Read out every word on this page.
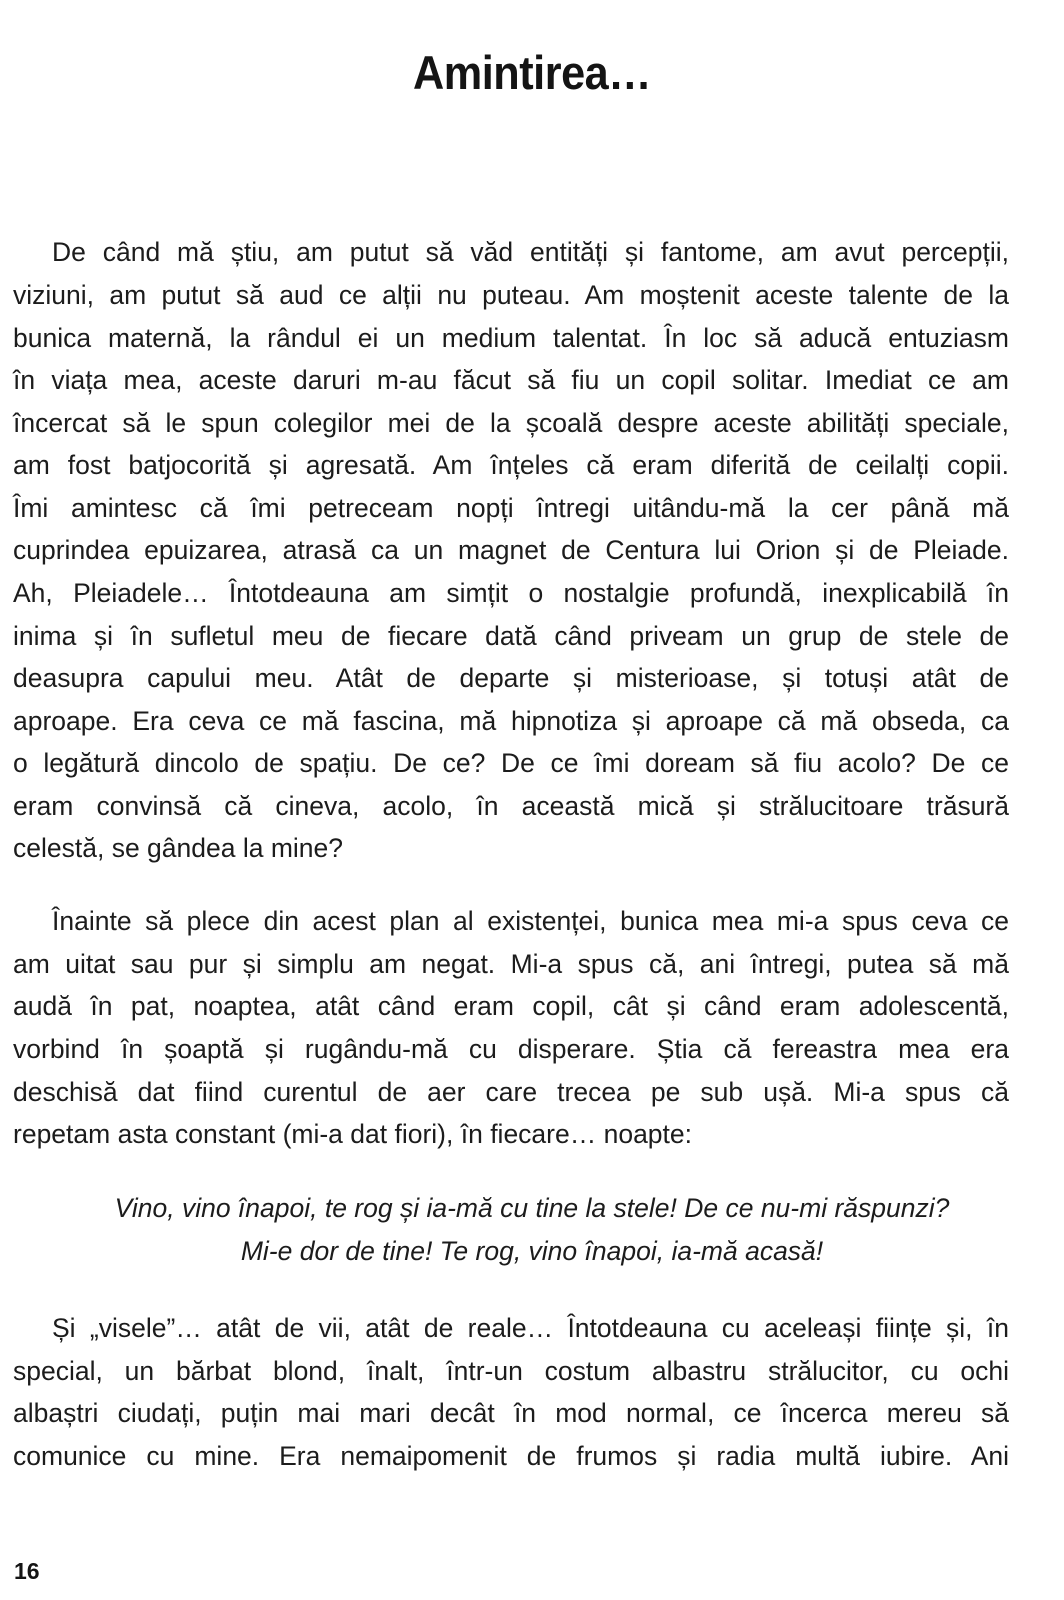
Amintirea…
De când mă știu, am putut să văd entități și fantome, am avut percepții,
viziuni, am putut să aud ce alții nu puteau. Am moștenit aceste talente de la
bunica maternă, la rândul ei un medium talentat. În loc să aducă entuziasm
în viața mea, aceste daruri m-au făcut să fiu un copil solitar. Imediat ce am
încercat să le spun colegilor mei de la școală despre aceste abilități speciale,
am fost batjocorită și agresată. Am înțeles că eram diferită de ceilalți copii.
Îmi amintesc că îmi petreceam nopți întregi uitându-mă la cer până mă
cuprindea epuizarea, atrasă ca un magnet de Centura lui Orion și de Pleiade.
Ah, Pleiadele… Întotdeauna am simțit o nostalgie profundă, inexplicabilă în
inima și în sufletul meu de fiecare dată când priveam un grup de stele de
deasupra capului meu. Atât de departe și misterioase, și totuși atât de
aproape. Era ceva ce mă fascina, mă hipnotiza și aproape că mă obseda, ca
o legătură dincolo de spațiu. De ce? De ce îmi doream să fiu acolo? De ce
eram convinsă că cineva, acolo, în această mică și strălucitoare trăsură
celestă, se gândea la mine?
Înainte să plece din acest plan al existenței, bunica mea mi-a spus ceva ce
am uitat sau pur și simplu am negat. Mi-a spus că, ani întregi, putea să mă
audă în pat, noaptea, atât când eram copil, cât și când eram adolescentă,
vorbind în șoaptă și rugându-mă cu disperare. Știa că fereastra mea era
deschisă dat fiind curentul de aer care trecea pe sub ușă. Mi-a spus că
repetam asta constant (mi-a dat fiori), în fiecare… noapte:
Vino, vino înapoi, te rog și ia-mă cu tine la stele! De ce nu-mi răspunzi?
Mi-e dor de tine! Te rog, vino înapoi, ia-mă acasă!
Și „visele”… atât de vii, atât de reale… Întotdeauna cu aceleași ființe și, în
special, un bărbat blond, înalt, într-un costum albastru strălucitor, cu ochi
albaștri ciudați, puțin mai mari decât în mod normal, ce încerca mereu să
comunice cu mine. Era nemaipomenit de frumos și radia multă iubire. Ani
16
